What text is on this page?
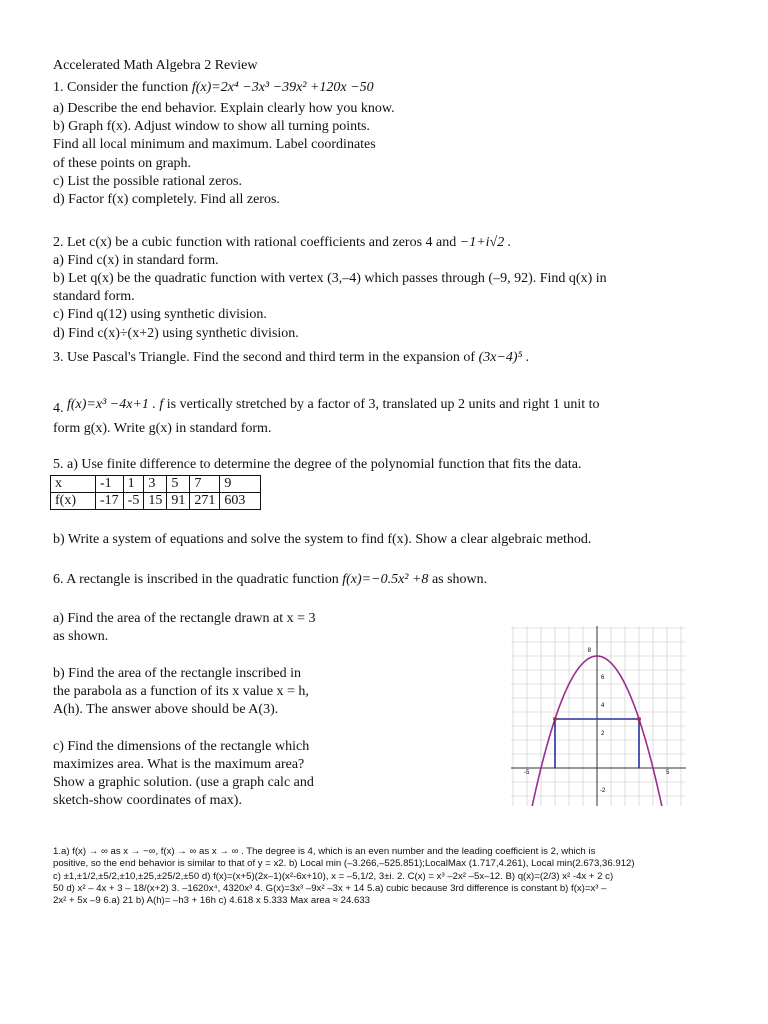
Accelerated Math Algebra 2 Review
1. Consider the function f(x)=2x⁴ −3x³ −39x² +120x −50
a) Describe the end behavior. Explain clearly how you know.
b) Graph f(x). Adjust window to show all turning points.
Find all local minimum and maximum. Label coordinates
of these points on graph.
c) List the possible rational zeros.
d) Factor f(x) completely. Find all zeros.
2. Let c(x) be a cubic function with rational coefficients and zeros 4 and −1+i√2 .
a) Find c(x) in standard form.
b) Let q(x) be the quadratic function with vertex (3,–4) which passes through (–9, 92). Find q(x) in
standard form.
c) Find q(12) using synthetic division.
d) Find c(x)÷(x+2) using synthetic division.
3. Use Pascal's Triangle. Find the second and third term in the expansion of (3x−4)⁵ .
4. f(x)=x³ −4x+1 . f is vertically stretched by a factor of 3, translated up 2 units and right 1 unit to
form g(x). Write g(x) in standard form.
5. a) Use finite difference to determine the degree of the polynomial function that fits the data.
x	-1	1	3	5	7	9
f(x)	-17	-5	15	91	271	603
b) Write a system of equations and solve the system to find f(x). Show a clear algebraic method.
6. A rectangle is inscribed in the quadratic function f(x)=−0.5x² +8 as shown.
a) Find the area of the rectangle drawn at x = 3
as shown.
b) Find the area of the rectangle inscribed in
the parabola as a function of its x value x = h,
A(h). The answer above should be A(3).
c) Find the dimensions of the rectangle which
maximizes area. What is the maximum area?
Show a graphic solution. (use a graph calc and
sketch-show coordinates of max).
8
6
4
2
-2
-5	5
1.a) f(x) → ∞ as x → −∞, f(x) → ∞ as x → ∞ . The degree is 4, which is an even number and the leading coefficient is 2, which is
positive, so the end behavior is similar to that of y = x2. b) Local min (–3.266,–525.851);LocalMax (1.717,4.261), Local min(2.673,36.912)
c) ±1,±1/2,±5/2,±10,±25,±25/2,±50 d) f(x)=(x+5)(2x–1)(x²-6x+10), x = –5,1/2, 3±i. 2. C(x) = x³ –2x² –5x–12. B) q(x)=(2/3) x² -4x + 2 c)
50 d) x² – 4x + 3 – 18/(x+2) 3. –1620x⁴, 4320x³ 4. G(x)=3x³ –9x² –3x + 14 5.a) cubic because 3rd difference is constant b) f(x)=x³ –
2x² + 5x –9 6.a) 21 b) A(h)= –h3 + 16h c) 4.618 x 5.333 Max area ≈ 24.633
